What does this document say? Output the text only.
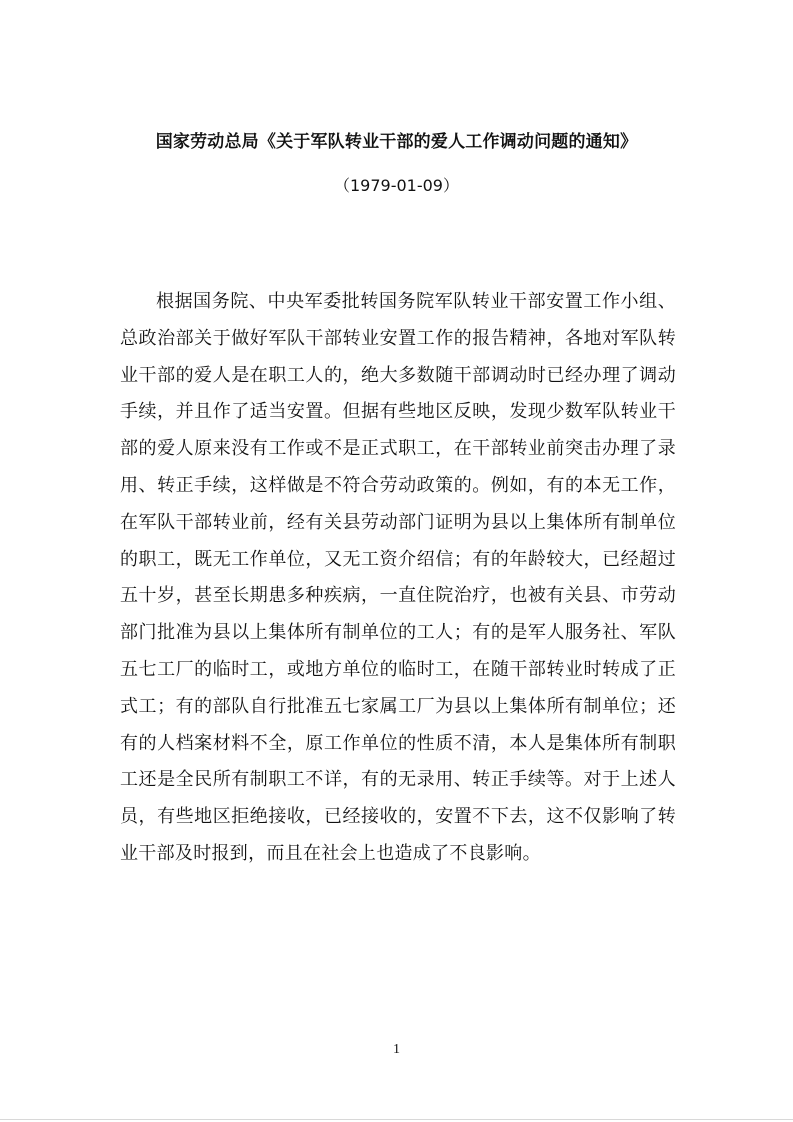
国家劳动总局《关于军队转业干部的爱人工作调动问题的通知》
（1979-01-09）

根据国务院、中央军委批转国务院军队转业干部安置工作小组、总政治部关于做好军队干部转业安置工作的报告精神，各地对军队转业干部的爱人是在职工人的，绝大多数随干部调动时已经办理了调动手续，并且作了适当安置。但据有些地区反映，发现少数军队转业干部的爱人原来没有工作或不是正式职工，在干部转业前突击办理了录用、转正手续，这样做是不符合劳动政策的。例如，有的本无工作，在军队干部转业前，经有关县劳动部门证明为县以上集体所有制单位的职工，既无工作单位，又无工资介绍信；有的年龄较大，已经超过五十岁，甚至长期患多种疾病，一直住院治疗，也被有关县、市劳动部门批准为县以上集体所有制单位的工人；有的是军人服务社、军队五七工厂的临时工，或地方单位的临时工，在随干部转业时转成了正式工；有的部队自行批准五七家属工厂为县以上集体所有制单位；还有的人档案材料不全，原工作单位的性质不清，本人是集体所有制职工还是全民所有制职工不详，有的无录用、转正手续等。对于上述人员，有些地区拒绝接收，已经接收的，安置不下去，这不仅影响了转业干部及时报到，而且在社会上也造成了不良影响。

1
